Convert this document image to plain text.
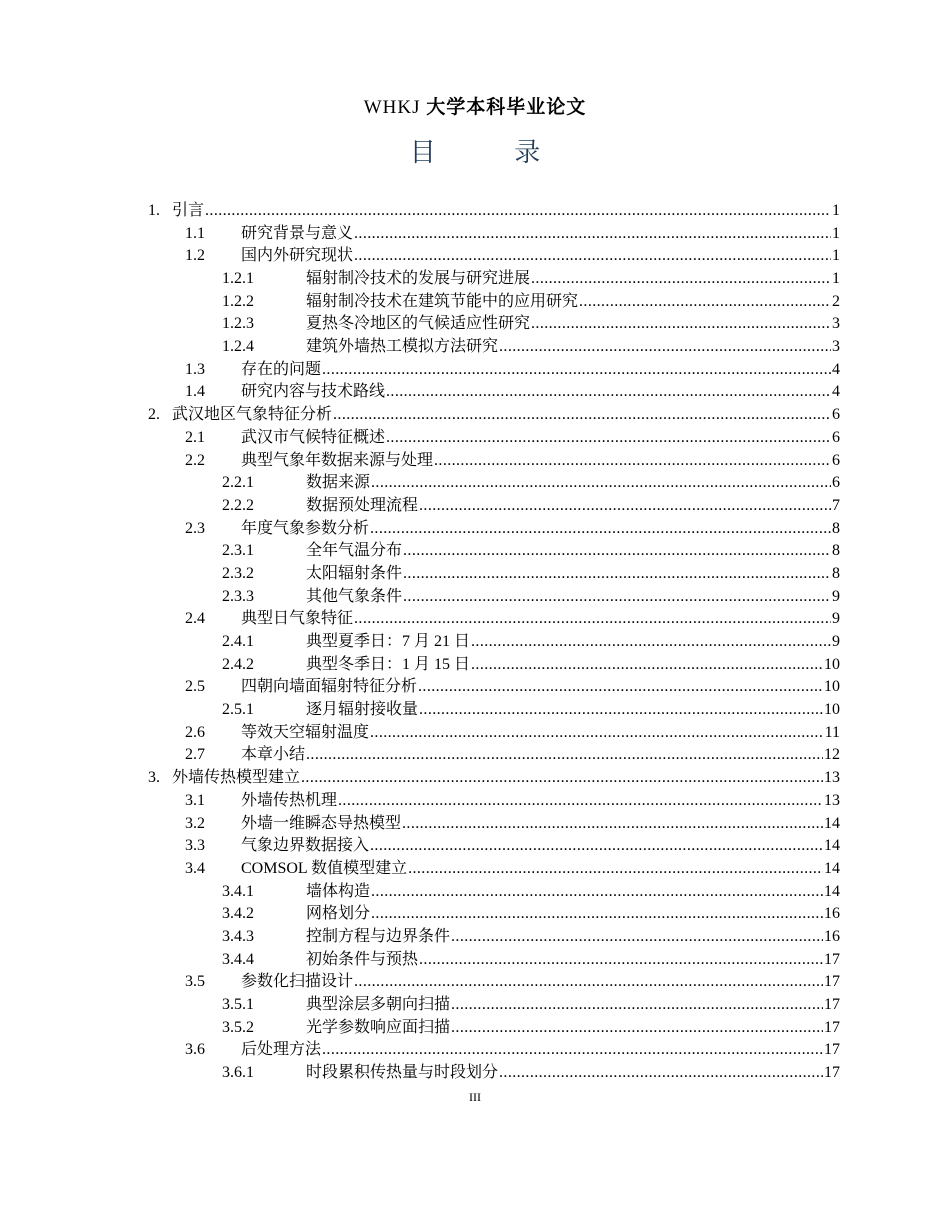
WHKJ 大学本科毕业论文
目 录
1. 引言 .....	1
1.1	研究背景与意义 .....	1
1.2	国内外研究现状 .....	1
1.2.1	辐射制冷技术的发展与研究进展 .....	1
1.2.2	辐射制冷技术在建筑节能中的应用研究 .....	2
1.2.3	夏热冬冷地区的气候适应性研究 .....	3
1.2.4	建筑外墙热工模拟方法研究 .....	3
1.3	存在的问题 .....	4
1.4	研究内容与技术路线 .....	4
2. 武汉地区气象特征分析 .....	6
2.1	武汉市气候特征概述 .....	6
2.2	典型气象年数据来源与处理 .....	6
2.2.1	数据来源 .....	6
2.2.2	数据预处理流程 .....	7
2.3	年度气象参数分析 .....	8
2.3.1	全年气温分布 .....	8
2.3.2	太阳辐射条件 .....	8
2.3.3	其他气象条件 .....	9
2.4	典型日气象特征 .....	9
2.4.1	典型夏季日：7 月 21 日 .....	9
2.4.2	典型冬季日：1 月 15 日 .....	10
2.5	四朝向墙面辐射特征分析 .....	10
2.5.1	逐月辐射接收量 .....	10
2.6	等效天空辐射温度 .....	11
2.7	本章小结 .....	12
3. 外墙传热模型建立 .....	13
3.1	外墙传热机理 .....	13
3.2	外墙一维瞬态导热模型 .....	14
3.3	气象边界数据接入 .....	14
3.4	COMSOL 数值模型建立 .....	14
3.4.1	墙体构造 .....	14
3.4.2	网格划分 .....	16
3.4.3	控制方程与边界条件 .....	16
3.4.4	初始条件与预热 .....	17
3.5	参数化扫描设计 .....	17
3.5.1	典型涂层多朝向扫描 .....	17
3.5.2	光学参数响应面扫描 .....	17
3.6	后处理方法 .....	17
3.6.1	时段累积传热量与时段划分 .....	17
III
